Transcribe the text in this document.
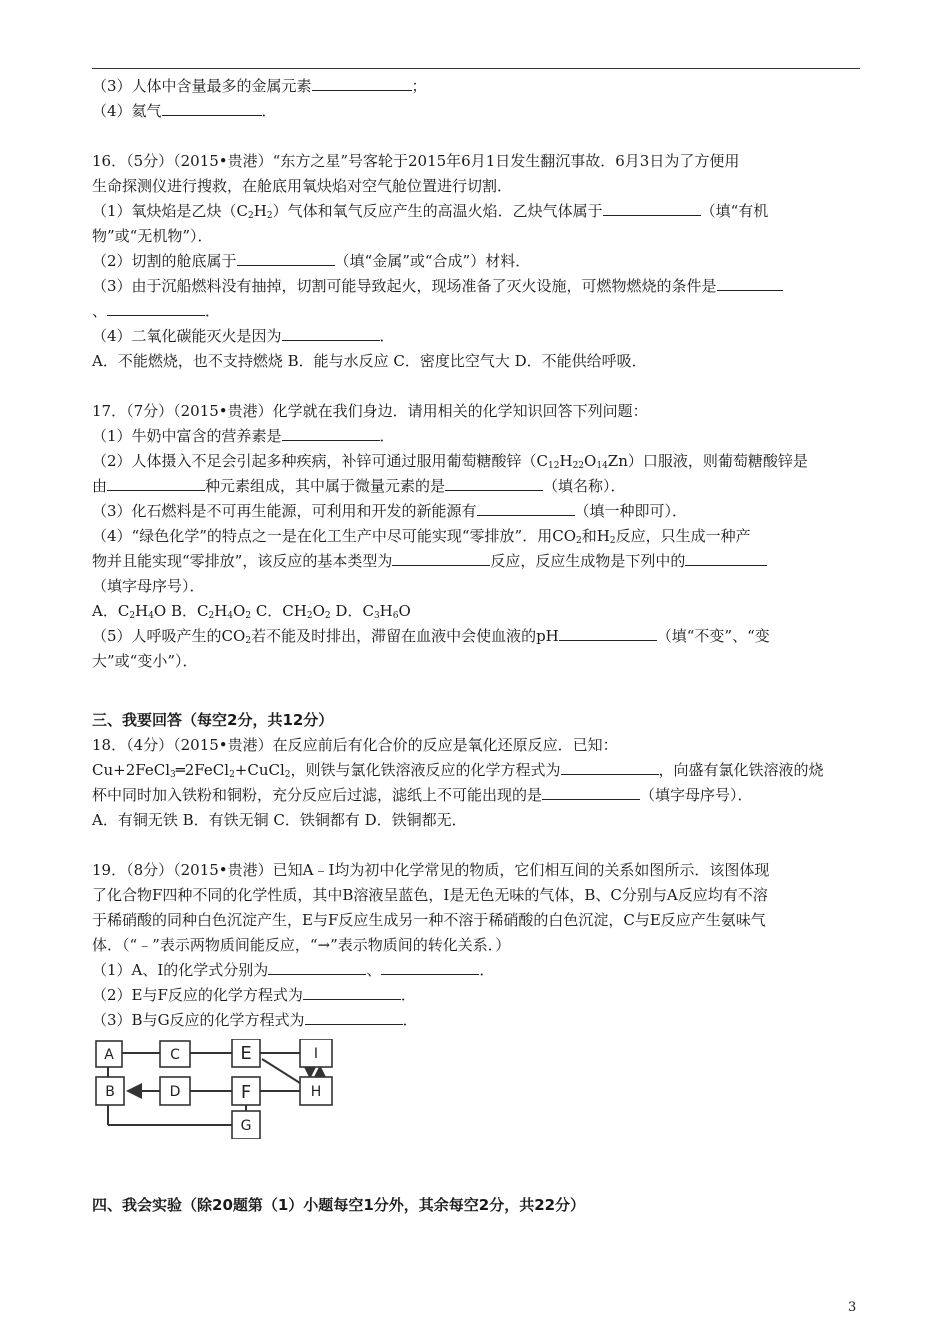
（3）人体中含量最多的金属元素	；
（4）氦气	．
16．（5分）（2015•贵港）“东方之星”号客轮于2015年6月1日发生翻沉事故．6月3日为了方便用
生命探测仪进行搜救，在舱底用氧炔焰对空气舱位置进行切割．
（1）氧炔焰是乙炔$(C_2H_2)$气体和氧气反应产生的高温火焰．乙炔气体属于	（填“有机
物”或“无机物”）．
（2）切割的舱底属于	（填“金属”或“合成”）材料．
（3）由于沉船燃料没有抽掉，切割可能导致起火，现场准备了灭火设施，可燃物燃烧的条件是
、	．
（4）二氧化碳能灭火是因为	．
A．不能燃烧，也不支持燃烧 B．能与水反应 C．密度比空气大 D．不能供给呼吸．
17．（7分）（2015•贵港）化学就在我们身边．请用相关的化学知识回答下列问题：
（1）牛奶中富含的营养素是	．
（2）人体摄入不足会引起多种疾病，补锌可通过服用葡萄糖酸锌$(C_{12}H_{22}O_{14}Zn)$口服液，则葡萄糖酸锌是
由	种元素组成，其中属于微量元素的是	（填名称）．
（3）化石燃料是不可再生能源，可利用和开发的新能源有	（填一种即可）．
（4）“绿色化学”的特点之一是在化工生产中尽可能实现“零排放”．用$CO_2$和$H_2$反应，只生成一种产
物并且能实现“零排放”，该反应的基本类型为	反应，反应生成物是下列中的
（填字母序号）．
A．$C_2H_4O$ B．$C_2H_4O_2$ C．$CH_2O_2$ D．$C_3H_6O$
（5）人呼吸产生的$CO_2$若不能及时排出，滞留在血液中会使血液的pH	（填“不变”、“变
大”或“变小”）．
三、我要回答（每空2分，共12分）
18．（4分）（2015•贵港）在反应前后有化合价的反应是氧化还原反应．已知：
Cu+2FeCl$_3$═2FeCl$_2$+CuCl$_2$，则铁与氯化铁溶液反应的化学方程式为	，向盛有氯化铁溶液的烧
杯中同时加入铁粉和铜粉，充分反应后过滤，滤纸上不可能出现的是	（填字母序号）．
A．有铜无铁 B．有铁无铜 C．铁铜都有 D．铁铜都无．
19．（8分）（2015•贵港）已知A﹣I均为初中化学常见的物质，它们相互间的关系如图所示．该图体现
了化合物F四种不同的化学性质，其中B溶液呈蓝色，I是无色无味的气体，B、C分别与A反应均有不溶
于稀硝酸的同种白色沉淀产生，E与F反应生成另一种不溶于稀硝酸的白色沉淀，C与E反应产生氨味气
体．（“﹣”表示两物质间能反应，“→”表示物质间的转化关系．）
（1）A、I的化学式分别为	、	．
（2）E与F反应的化学方程式为	．
（3）B与G反应的化学方程式为	．
A	C	E	I
B	D	F	H
G
四、我会实验（除20题第（1）小题每空1分外，其余每空2分，共22分）
3
